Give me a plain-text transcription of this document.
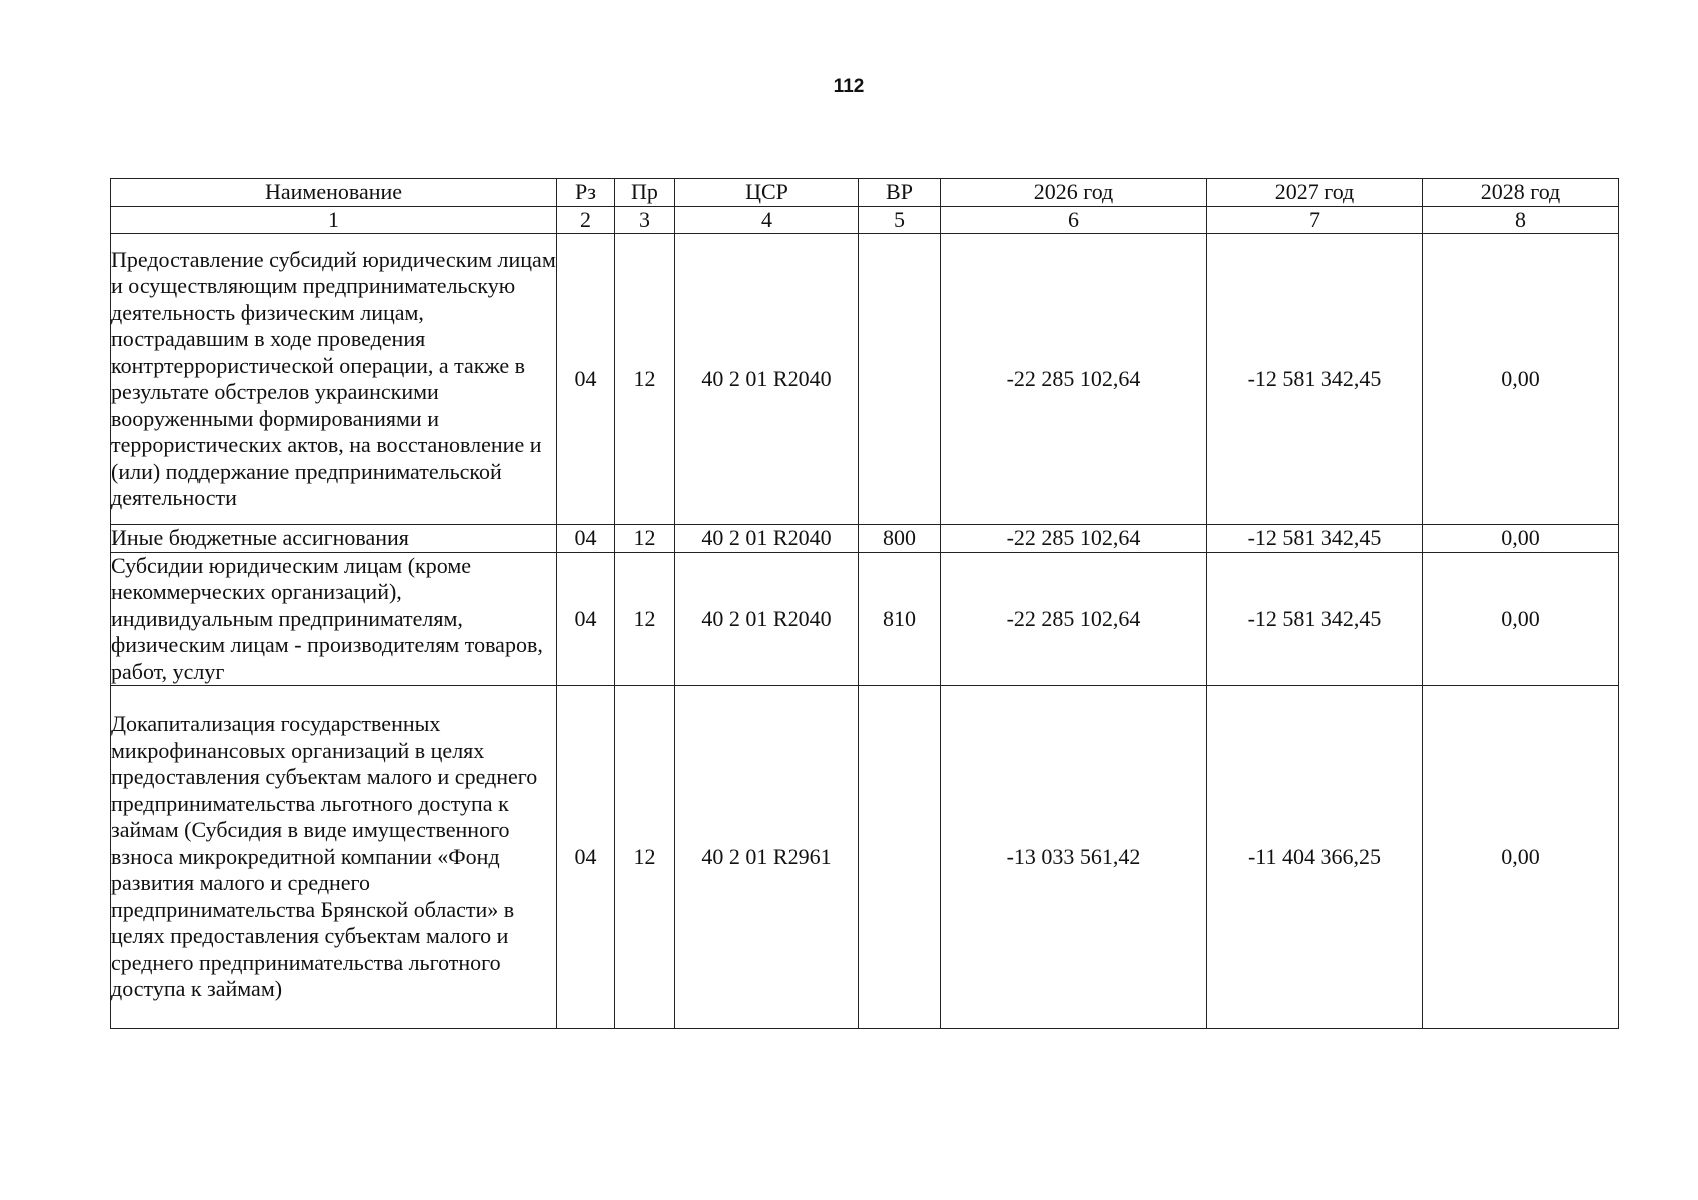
112
Наименование	Рз	Пр	ЦСР	ВР	2026 год	2027 год	2028 год
1	2	3	4	5	6	7	8
Предоставление субсидий юридическим лицам и осуществляющим предпринимательскую деятельность физическим лицам, пострадавшим в ходе проведения контртеррористической операции, а также в результате обстрелов украинскими вооруженными формированиями и террористических актов, на восстановление и (или) поддержание предпринимательской деятельности	04	12	40 2 01 R2040		-22 285 102,64	-12 581 342,45	0,00
Иные бюджетные ассигнования	04	12	40 2 01 R2040	800	-22 285 102,64	-12 581 342,45	0,00
Субсидии юридическим лицам (кроме некоммерческих организаций), индивидуальным предпринимателям, физическим лицам - производителям товаров, работ, услуг	04	12	40 2 01 R2040	810	-22 285 102,64	-12 581 342,45	0,00
Докапитализация государственных микрофинансовых организаций в целях предоставления субъектам малого и среднего предпринимательства льготного доступа к займам (Субсидия в виде имущественного взноса микрокредитной компании «Фонд развития малого и среднего предпринимательства Брянской области» в целях предоставления субъектам малого и среднего предпринимательства льготного доступа к займам)	04	12	40 2 01 R2961		-13 033 561,42	-11 404 366,25	0,00
